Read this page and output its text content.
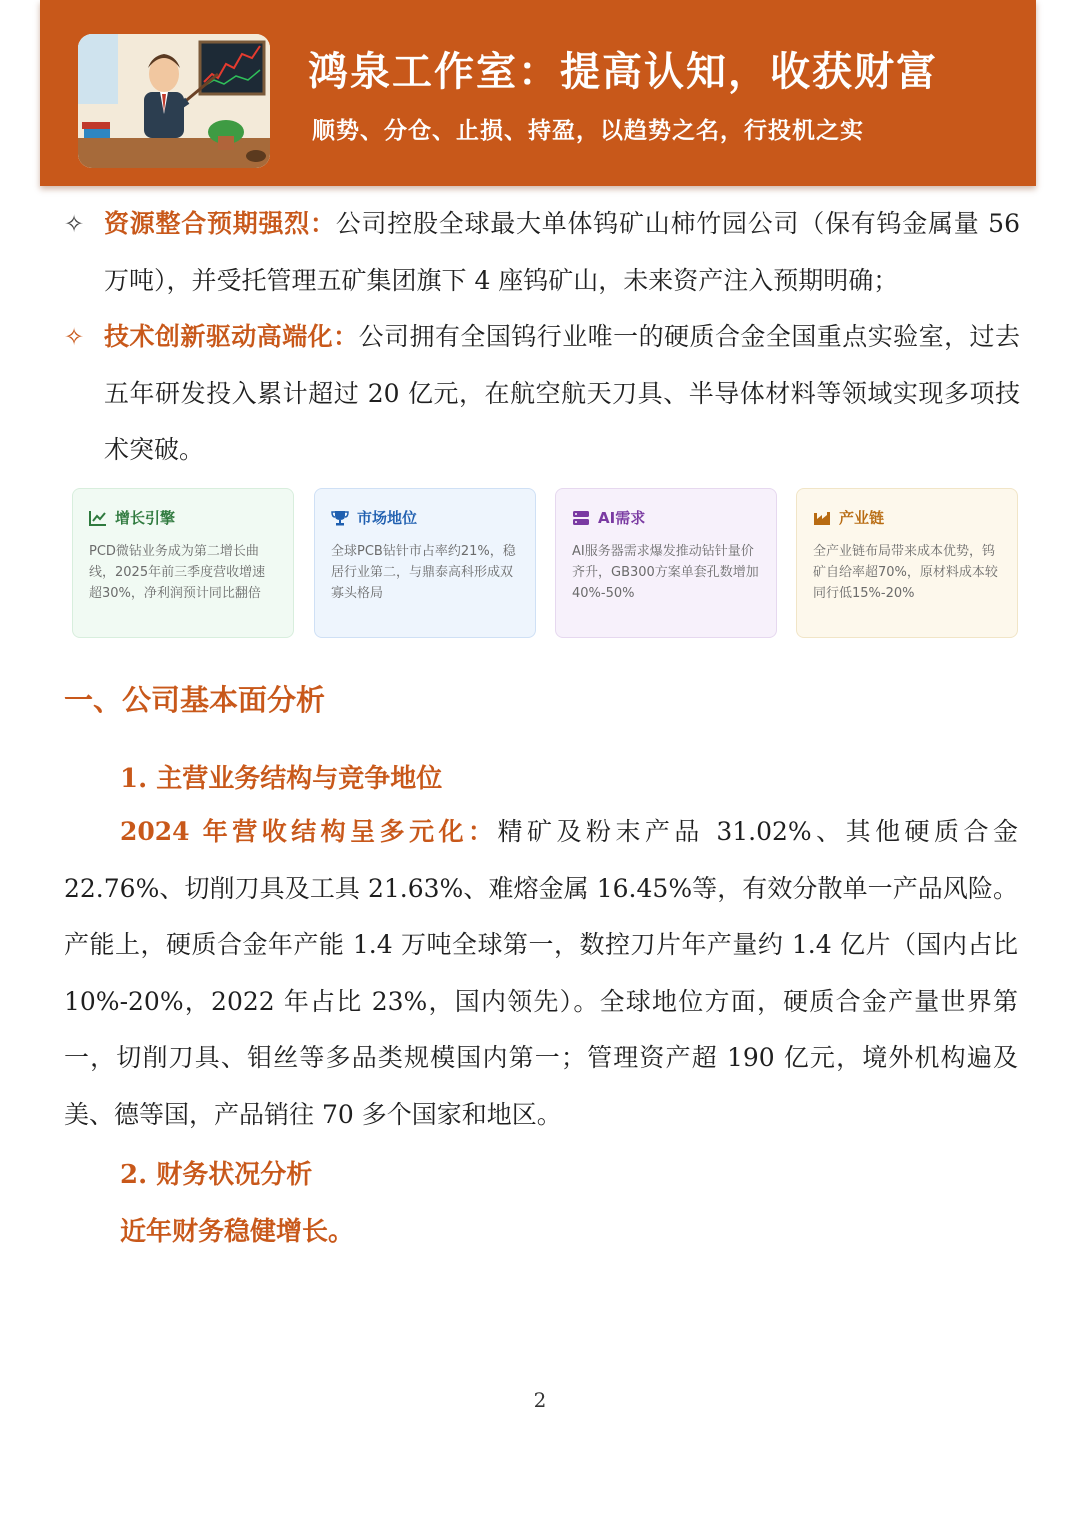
鸿泉工作室：提高认知，收获财富
顺势、分仓、止损、持盈，以趋势之名，行投机之实
✧ 资源整合预期强烈：公司控股全球最大单体钨矿山柿竹园公司（保有钨金属量 56 万吨），并受托管理五矿集团旗下 4 座钨矿山，未来资产注入预期明确；
✧ 技术创新驱动高端化：公司拥有全国钨行业唯一的硬质合金全国重点实验室，过去五年研发投入累计超过 20 亿元，在航空航天刀具、半导体材料等领域实现多项技术突破。
增长引擎
PCD微钻业务成为第二增长曲线，2025年前三季度营收增速超30%，净利润预计同比翻倍
市场地位
全球PCB钻针市占率约21%，稳居行业第二，与鼎泰高科形成双寡头格局
AI需求
AI服务器需求爆发推动钻针量价齐升，GB300方案单套孔数增加40%-50%
产业链
全产业链布局带来成本优势，钨矿自给率超70%，原材料成本较同行低15%-20%
一、公司基本面分析
1. 主营业务结构与竞争地位
2024 年营收结构呈多元化：精矿及粉末产品 31.02%、其他硬质合金 22.76%、切削刀具及工具 21.63%、难熔金属 16.45%等，有效分散单一产品风险。产能上，硬质合金年产能 1.4 万吨全球第一，数控刀片年产量约 1.4 亿片（国内占比 10%-20%，2022 年占比 23%，国内领先）。全球地位方面，硬质合金产量世界第一，切削刀具、钼丝等多品类规模国内第一；管理资产超 190 亿元，境外机构遍及美、德等国，产品销往 70 多个国家和地区。
2. 财务状况分析
近年财务稳健增长。
2
